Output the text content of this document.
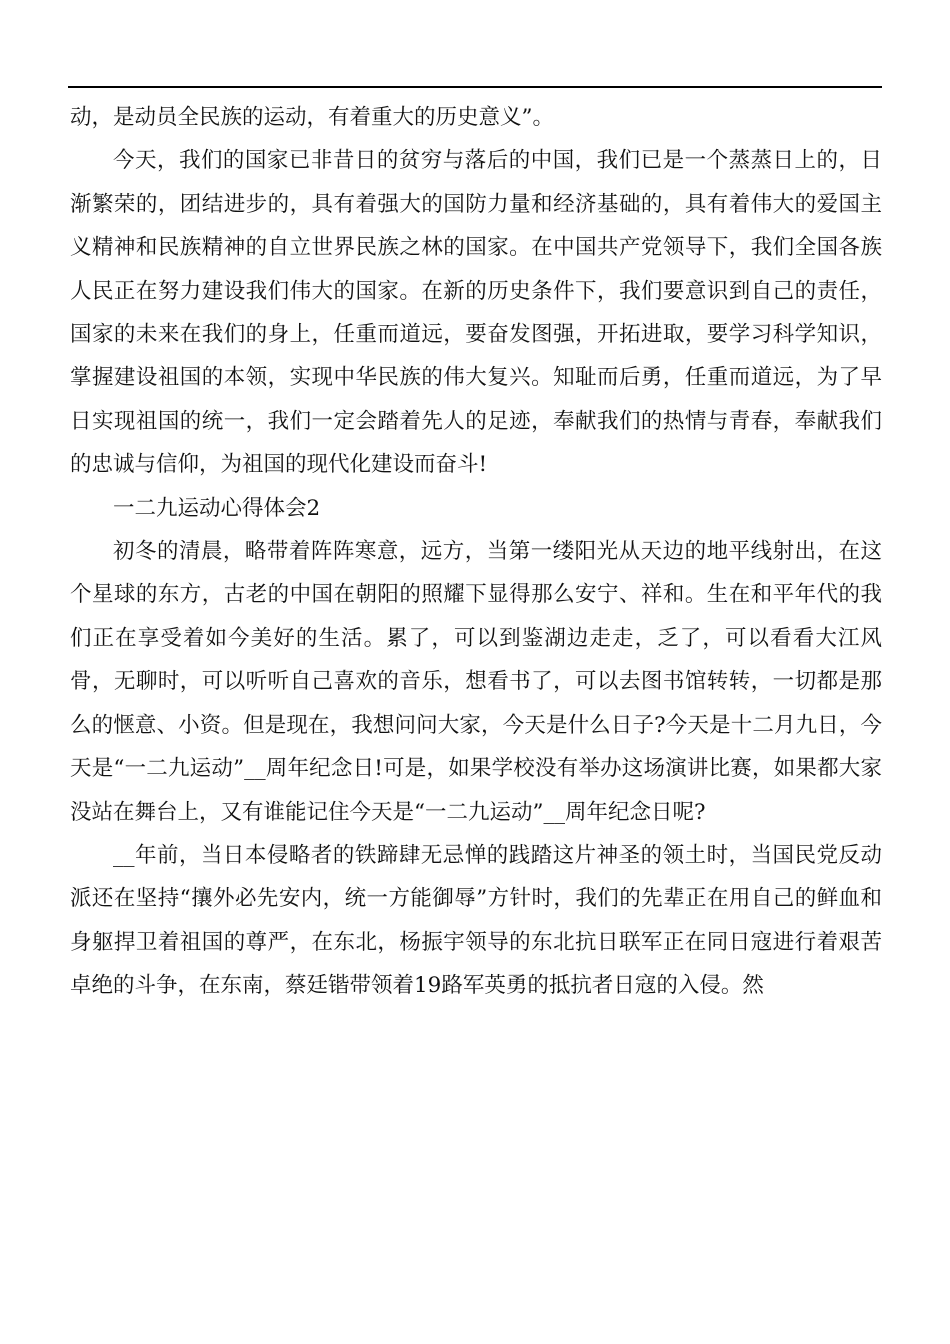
动，是动员全民族的运动，有着重大的历史意义”。

今天，我们的国家已非昔日的贫穷与落后的中国，我们已是一个蒸蒸日上的，日渐繁荣的，团结进步的，具有着强大的国防力量和经济基础的，具有着伟大的爱国主义精神和民族精神的自立世界民族之林的国家。在中国共产党领导下，我们全国各族人民正在努力建设我们伟大的国家。在新的历史条件下，我们要意识到自己的责任，国家的未来在我们的身上，任重而道远，要奋发图强，开拓进取，要学习科学知识，掌握建设祖国的本领，实现中华民族的伟大复兴。知耻而后勇，任重而道远，为了早日实现祖国的统一，我们一定会踏着先人的足迹，奉献我们的热情与青春，奉献我们的忠诚与信仰，为祖国的现代化建设而奋斗!

一二九运动心得体会2

初冬的清晨，略带着阵阵寒意，远方，当第一缕阳光从天边的地平线射出，在这个星球的东方，古老的中国在朝阳的照耀下显得那么安宁、祥和。生在和平年代的我们正在享受着如今美好的生活。累了，可以到鉴湖边走走，乏了，可以看看大江风骨，无聊时，可以听听自己喜欢的音乐，想看书了，可以去图书馆转转，一切都是那么的惬意、小资。但是现在，我想问问大家，今天是什么日子?今天是十二月九日，今天是“一二九运动”__周年纪念日!可是，如果学校没有举办这场演讲比赛，如果都大家没站在舞台上，又有谁能记住今天是“一二九运动”__周年纪念日呢?

__年前，当日本侵略者的铁蹄肆无忌惮的践踏这片神圣的领土时，当国民党反动派还在坚持“攘外必先安内，统一方能御辱”方针时，我们的先辈正在用自己的鲜血和身躯捍卫着祖国的尊严，在东北，杨振宇领导的东北抗日联军正在同日寇进行着艰苦卓绝的斗争，在东南，蔡廷锴带领着19路军英勇的抵抗者日寇的入侵。然
